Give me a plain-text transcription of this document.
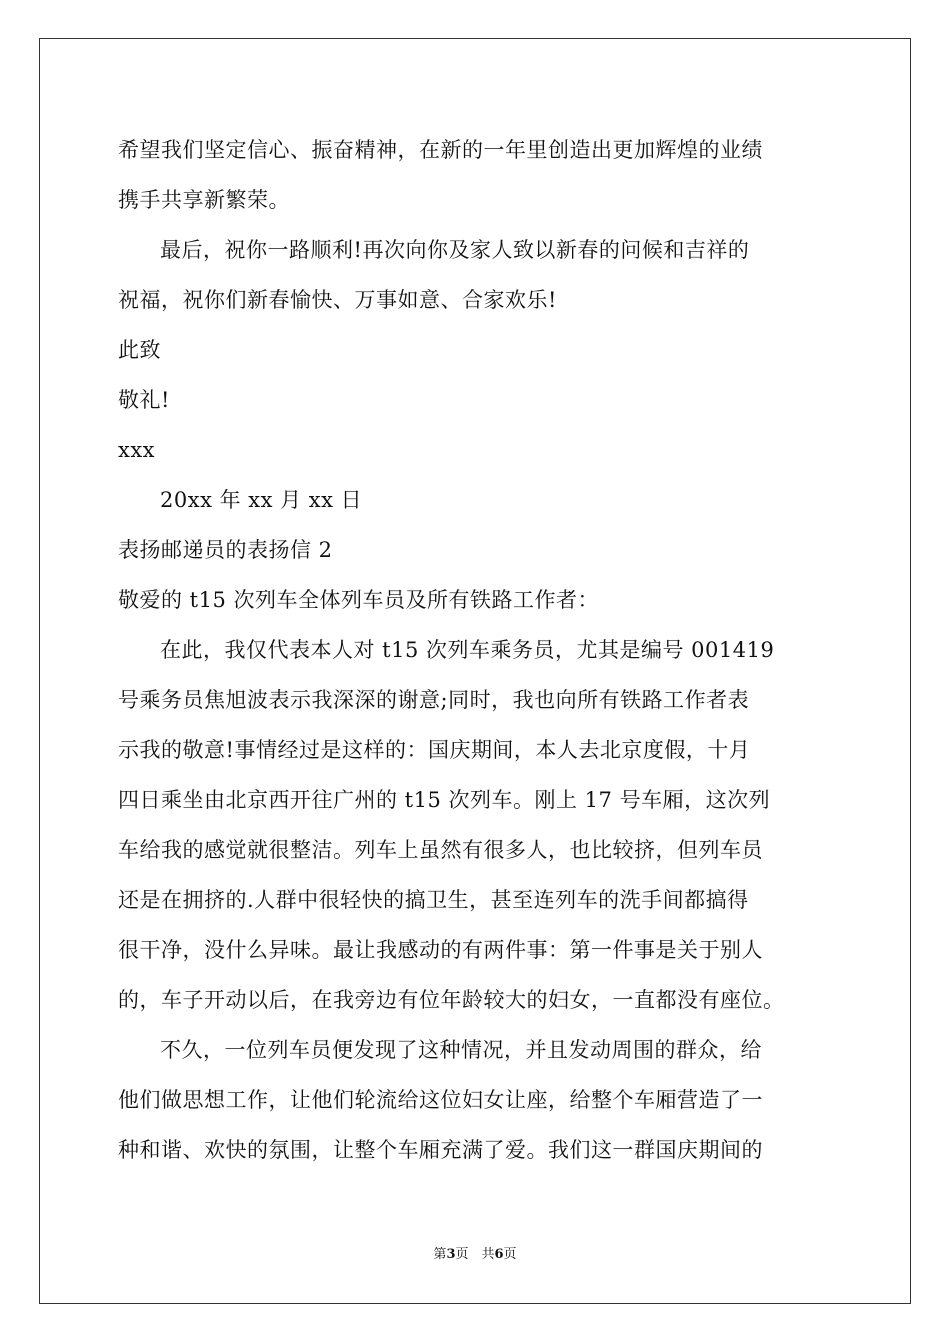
希望我们坚定信心、振奋精神，在新的一年里创造出更加辉煌的业绩
携手共享新繁荣。
最后，祝你一路顺利!再次向你及家人致以新春的问候和吉祥的
祝福，祝你们新春愉快、万事如意、合家欢乐!
此致
敬礼!
xxx
20xx 年 xx 月 xx 日
表扬邮递员的表扬信 2
敬爱的 t15 次列车全体列车员及所有铁路工作者：
在此，我仅代表本人对 t15 次列车乘务员，尤其是编号 001419
号乘务员焦旭波表示我深深的谢意;同时，我也向所有铁路工作者表
示我的敬意!事情经过是这样的：国庆期间，本人去北京度假，十月
四日乘坐由北京西开往广州的 t15 次列车。刚上 17 号车厢，这次列
车给我的感觉就很整洁。列车上虽然有很多人，也比较挤，但列车员
还是在拥挤的.人群中很轻快的搞卫生，甚至连列车的洗手间都搞得
很干净，没什么异味。最让我感动的有两件事：第一件事是关于别人
的，车子开动以后，在我旁边有位年龄较大的妇女，一直都没有座位。
不久，一位列车员便发现了这种情况，并且发动周围的群众，给
他们做思想工作，让他们轮流给这位妇女让座，给整个车厢营造了一
种和谐、欢快的氛围，让整个车厢充满了爱。我们这一群国庆期间的
第3页　共6页
